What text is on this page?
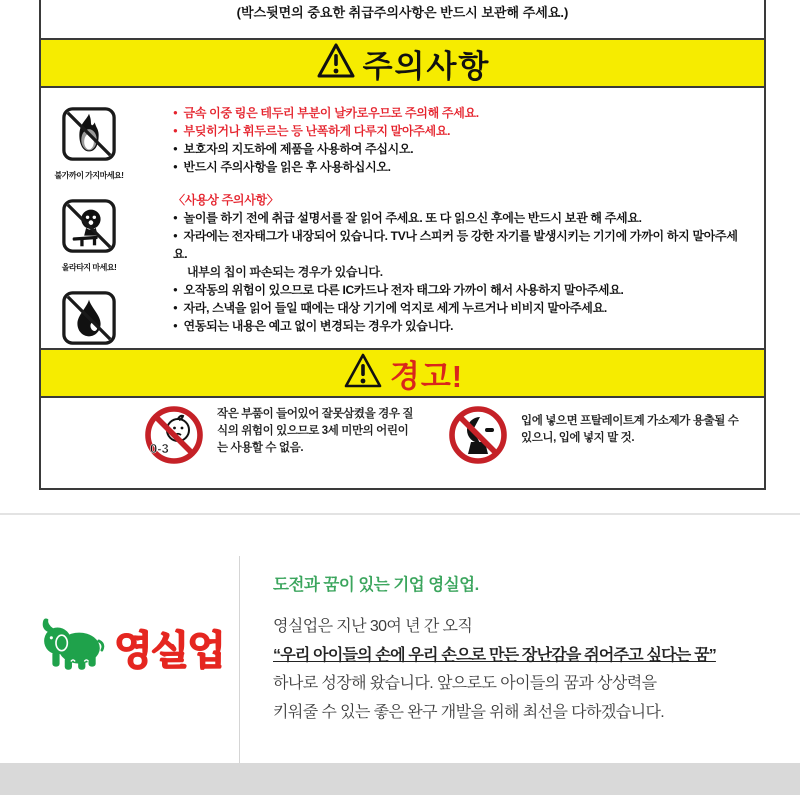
(박스뒷면의 중요한 취급주의사항은 반드시 보관해 주세요.)
주의사항
불가까이 가지마세요!
올라타지 마세요!
● 금속 이중 링은 테두리 부분이 날카로우므로 주의해 주세요.
● 부딪히거나 휘두르는 등 난폭하게 다루지 말아주세요.
● 보호자의 지도하에 제품을 사용하여 주십시오.
● 반드시 주의사항을 읽은 후 사용하십시오.
〈사용상 주의사항〉
● 놀이를 하기 전에 취급 설명서를 잘 읽어 주세요. 또 다 읽으신 후에는 반드시 보관 해 주세요.
● 자라에는 전자태그가 내장되어 있습니다. TV나 스피커 등 강한 자기를 발생시키는 기기에 가까이 하지 말아주세요.
내부의 칩이 파손되는 경우가 있습니다.
● 오작동의 위험이 있으므로 다른 IC카드나 전자 태그와 가까이 해서 사용하지 말아주세요.
● 자라, 스낵을 읽어 들일 때에는 대상 기기에 억지로 세게 누르거나 비비지 말아주세요.
● 연동되는 내용은 예고 없이 변경되는 경우가 있습니다.
경고!
0-3
작은 부품이 들어있어 잘못삼켰을 경우 질식의 위험이 있으므로 3세 미만의 어린이는 사용할 수 없음.
입에 넣으면 프탈레이트계 가소제가 용출될 수 있으니, 입에 넣지 말 것.
영실업
도전과 꿈이 있는 기업 영실업.
영실업은 지난 30여 년 간 오직
“우리 아이들의 손에 우리 손으로 만든 장난감을 쥐어주고 싶다는 꿈”
하나로 성장해 왔습니다. 앞으로도 아이들의 꿈과 상상력을
키워줄 수 있는 좋은 완구 개발을 위해 최선을 다하겠습니다.
